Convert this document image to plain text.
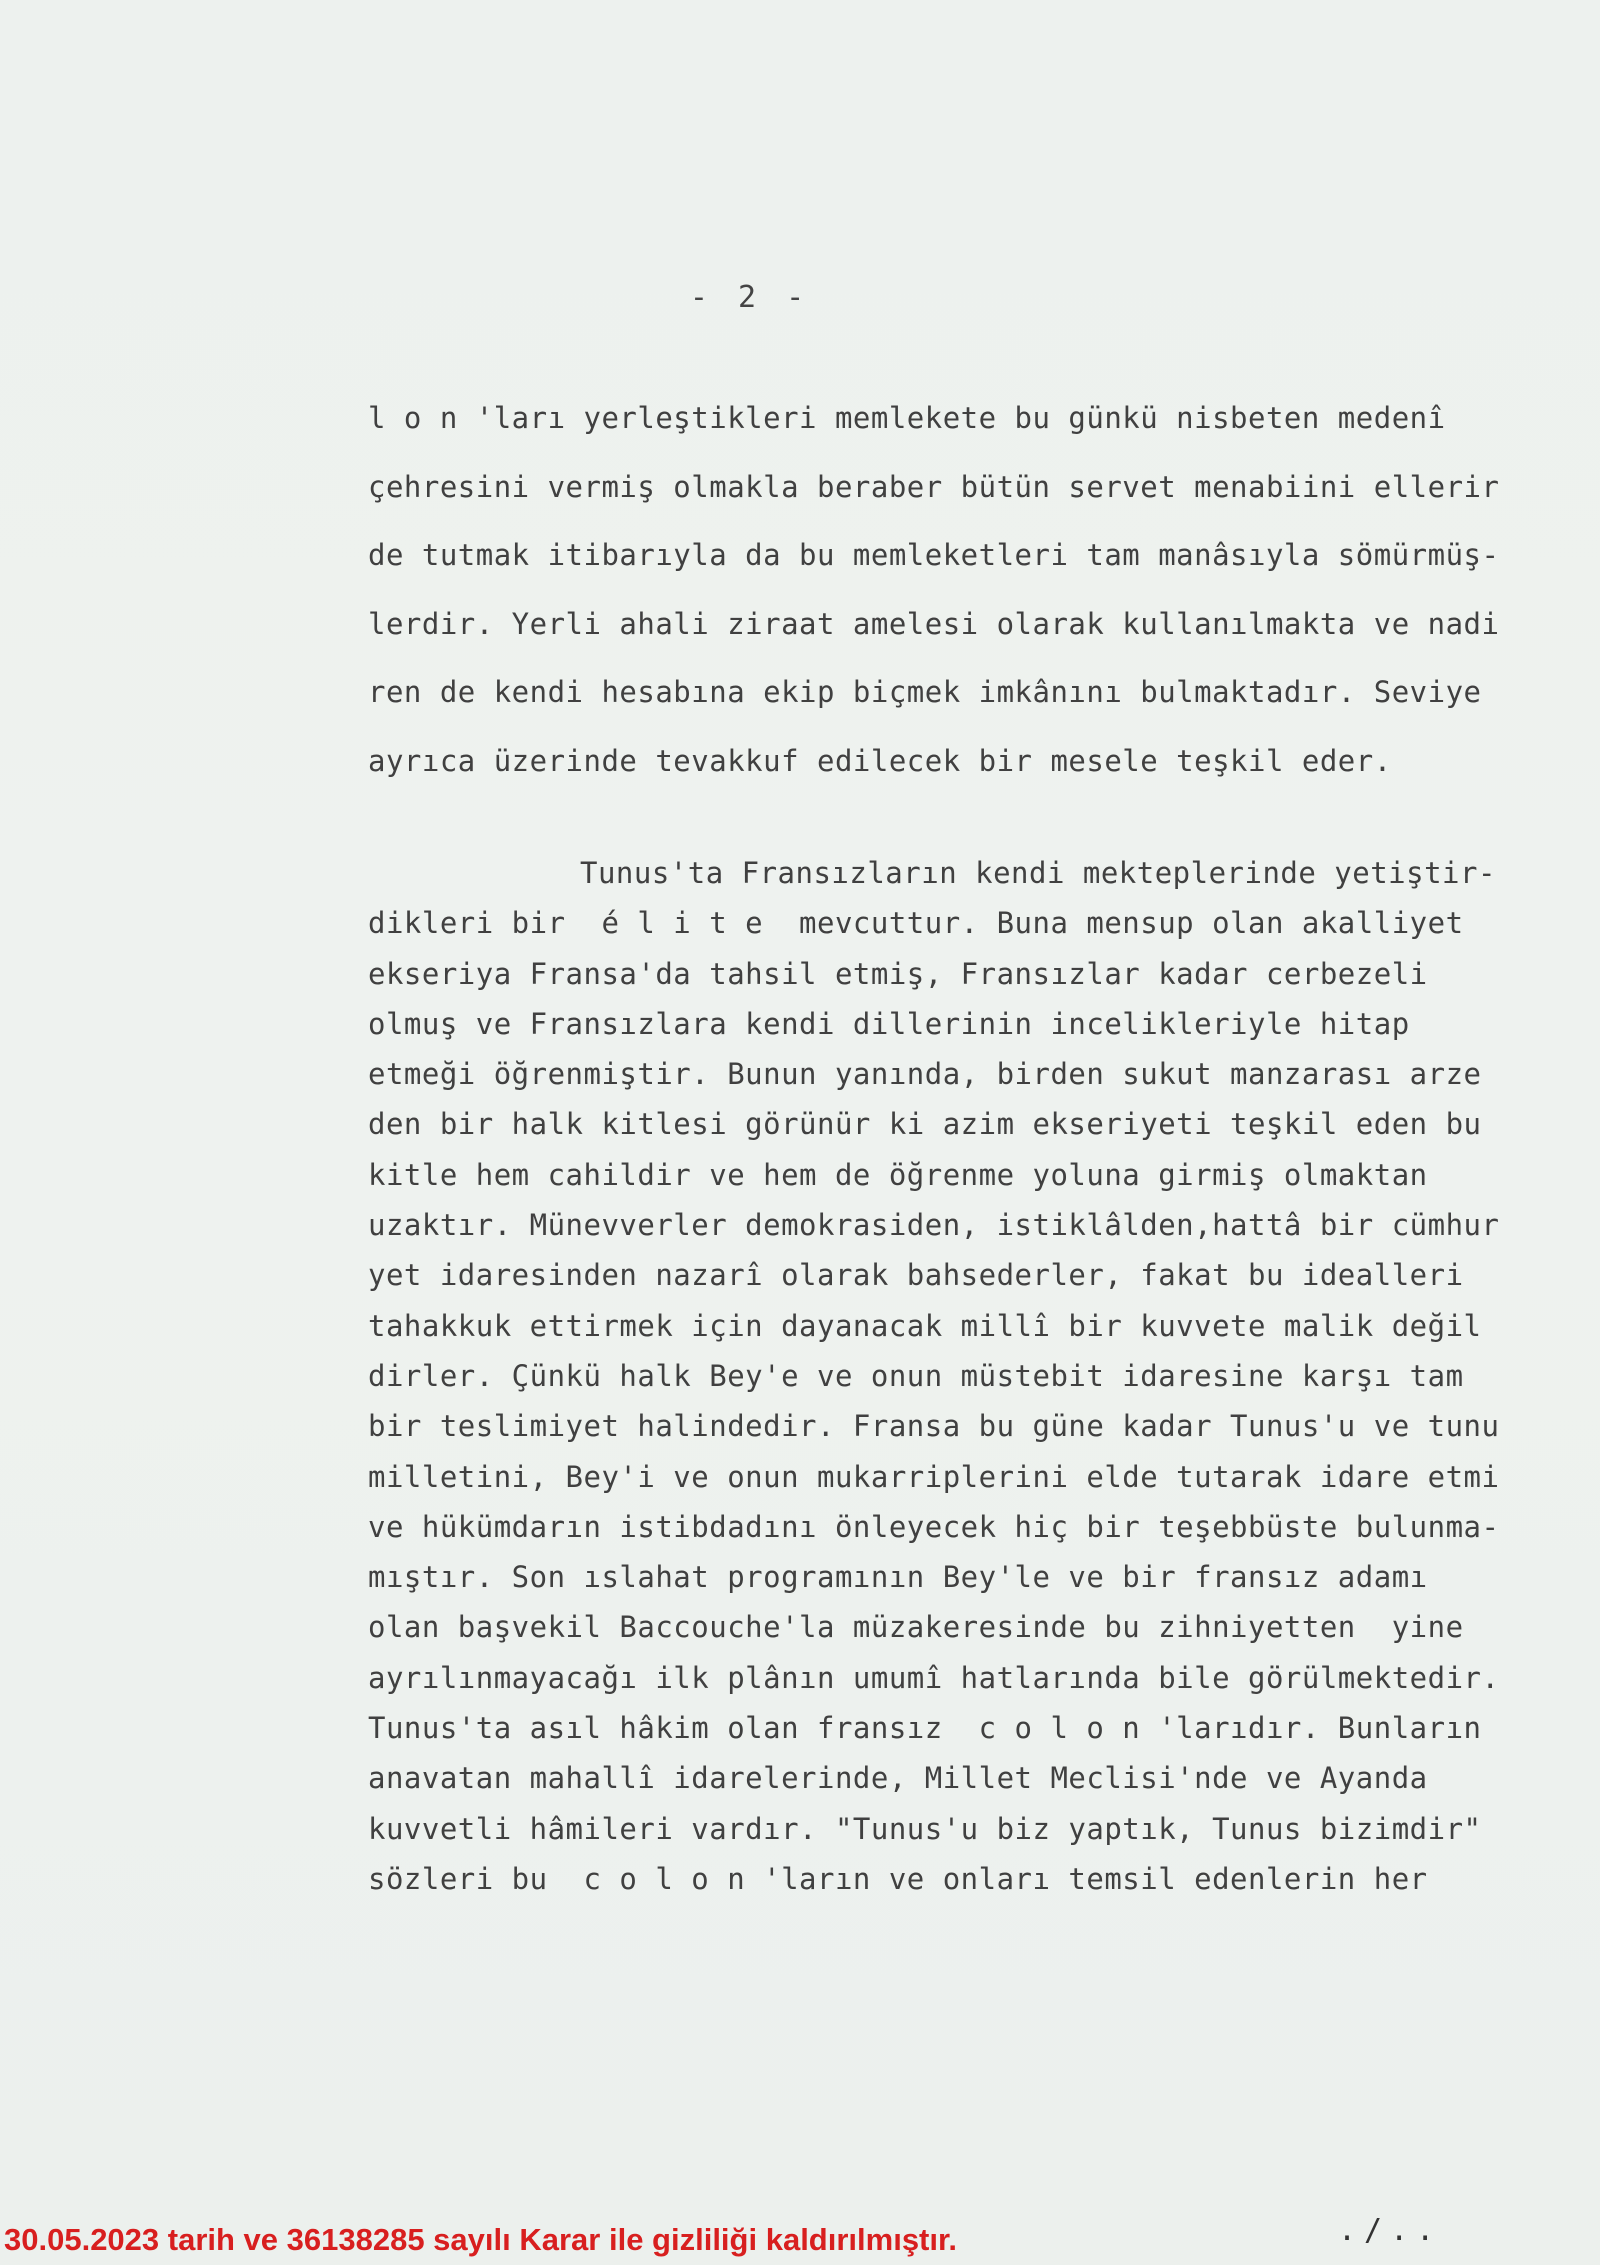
- 2 -
l o n 'ları yerleştikleri memlekete bu günkü nisbeten medenî
çehresini vermiş olmakla beraber bütün servet menabiini ellerir
de tutmak itibarıyla da bu memleketleri tam manâsıyla sömürmüş-
lerdir. Yerli ahali ziraat amelesi olarak kullanılmakta ve nadi
ren de kendi hesabına ekip biçmek imkânını bulmaktadır. Seviye
ayrıca üzerinde tevakkuf edilecek bir mesele teşkil eder.
Tunus'ta Fransızların kendi mekteplerinde yetiştir-
dikleri bir  é l i t e  mevcuttur. Buna mensup olan akalliyet
ekseriya Fransa'da tahsil etmiş, Fransızlar kadar cerbezeli
olmuş ve Fransızlara kendi dillerinin incelikleriyle hitap
etmeği öğrenmiştir. Bunun yanında, birden sukut manzarası arze
den bir halk kitlesi görünür ki azim ekseriyeti teşkil eden bu
kitle hem cahildir ve hem de öğrenme yoluna girmiş olmaktan
uzaktır. Münevverler demokrasiden, istiklâlden,hattâ bir cümhur
yet idaresinden nazarî olarak bahsederler, fakat bu idealleri
tahakkuk ettirmek için dayanacak millî bir kuvvete malik değil
dirler. Çünkü halk Bey'e ve onun müstebit idaresine karşı tam
bir teslimiyet halindedir. Fransa bu güne kadar Tunus'u ve tunu
milletini, Bey'i ve onun mukarriplerini elde tutarak idare etmi
ve hükümdarın istibdadını önleyecek hiç bir teşebbüste bulunma-
mıştır. Son ıslahat programının Bey'le ve bir fransız adamı
olan başvekil Baccouche'la müzakeresinde bu zihniyetten  yine
ayrılınmayacağı ilk plânın umumî hatlarında bile görülmektedir.
Tunus'ta asıl hâkim olan fransız  c o l o n 'larıdır. Bunların
anavatan mahallî idarelerinde, Millet Meclisi'nde ve Ayanda
kuvvetli hâmileri vardır. "Tunus'u biz yaptık, Tunus bizimdir"
sözleri bu  c o l o n 'ların ve onları temsil edenlerin her
./..
30.05.2023 tarih ve 36138285 sayılı Karar ile gizliliği kaldırılmıştır.
